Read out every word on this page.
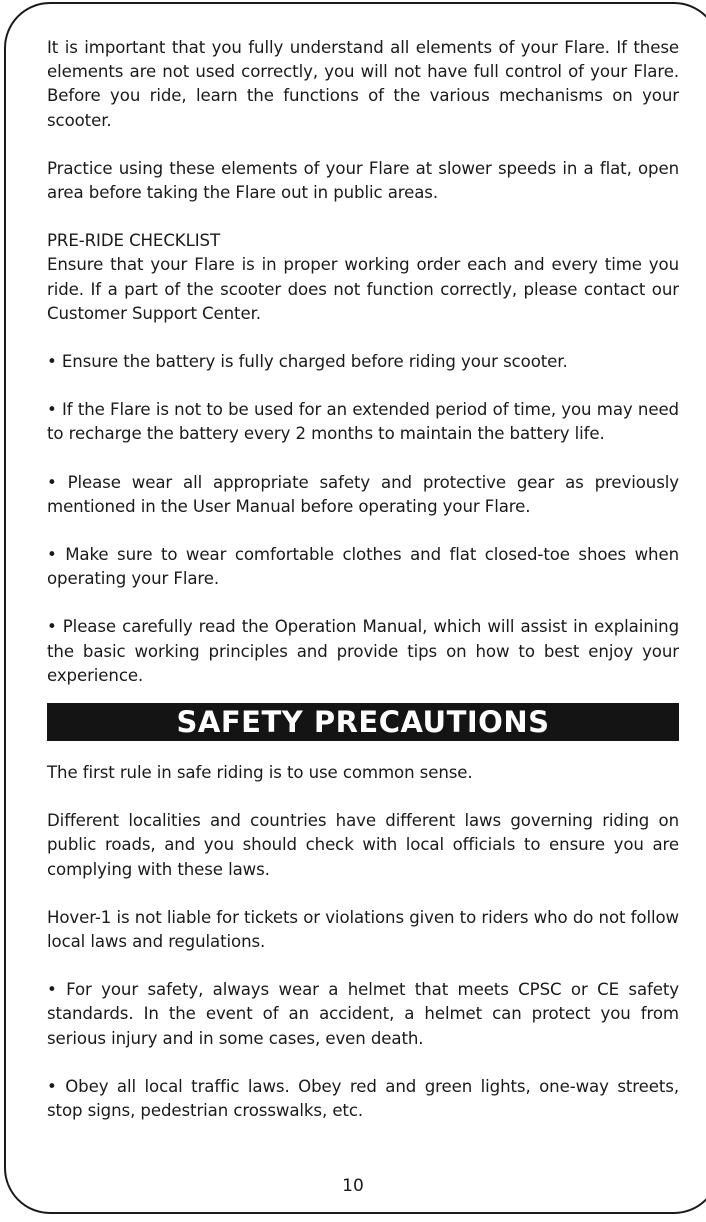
It is important that you fully understand all elements of your Flare. If these elements are not used correctly, you will not have full control of your Flare. Before you ride, learn the functions of the various mechanisms on your scooter.

Practice using these elements of your Flare at slower speeds in a flat, open area before taking the Flare out in public areas.

PRE-RIDE CHECKLIST

Ensure that your Flare is in proper working order each and every time you ride. If a part of the scooter does not function correctly, please contact our Customer Support Center.

• Ensure the battery is fully charged before riding your scooter.

• If the Flare is not to be used for an extended period of time, you may need to recharge the battery every 2 months to maintain the battery life.

• Please wear all appropriate safety and protective gear as previously mentioned in the User Manual before operating your Flare.

• Make sure to wear comfortable clothes and flat closed-toe shoes when operating your Flare.

• Please carefully read the Operation Manual, which will assist in explaining the basic working principles and provide tips on how to best enjoy your experience.

SAFETY PRECAUTIONS

The first rule in safe riding is to use common sense.

Different localities and countries have different laws governing riding on public roads, and you should check with local officials to ensure you are complying with these laws.

Hover-1 is not liable for tickets or violations given to riders who do not follow local laws and regulations.

• For your safety, always wear a helmet that meets CPSC or CE safety standards. In the event of an accident, a helmet can protect you from serious injury and in some cases, even death.

• Obey all local traffic laws. Obey red and green lights, one-way streets, stop signs, pedestrian crosswalks, etc.

10
